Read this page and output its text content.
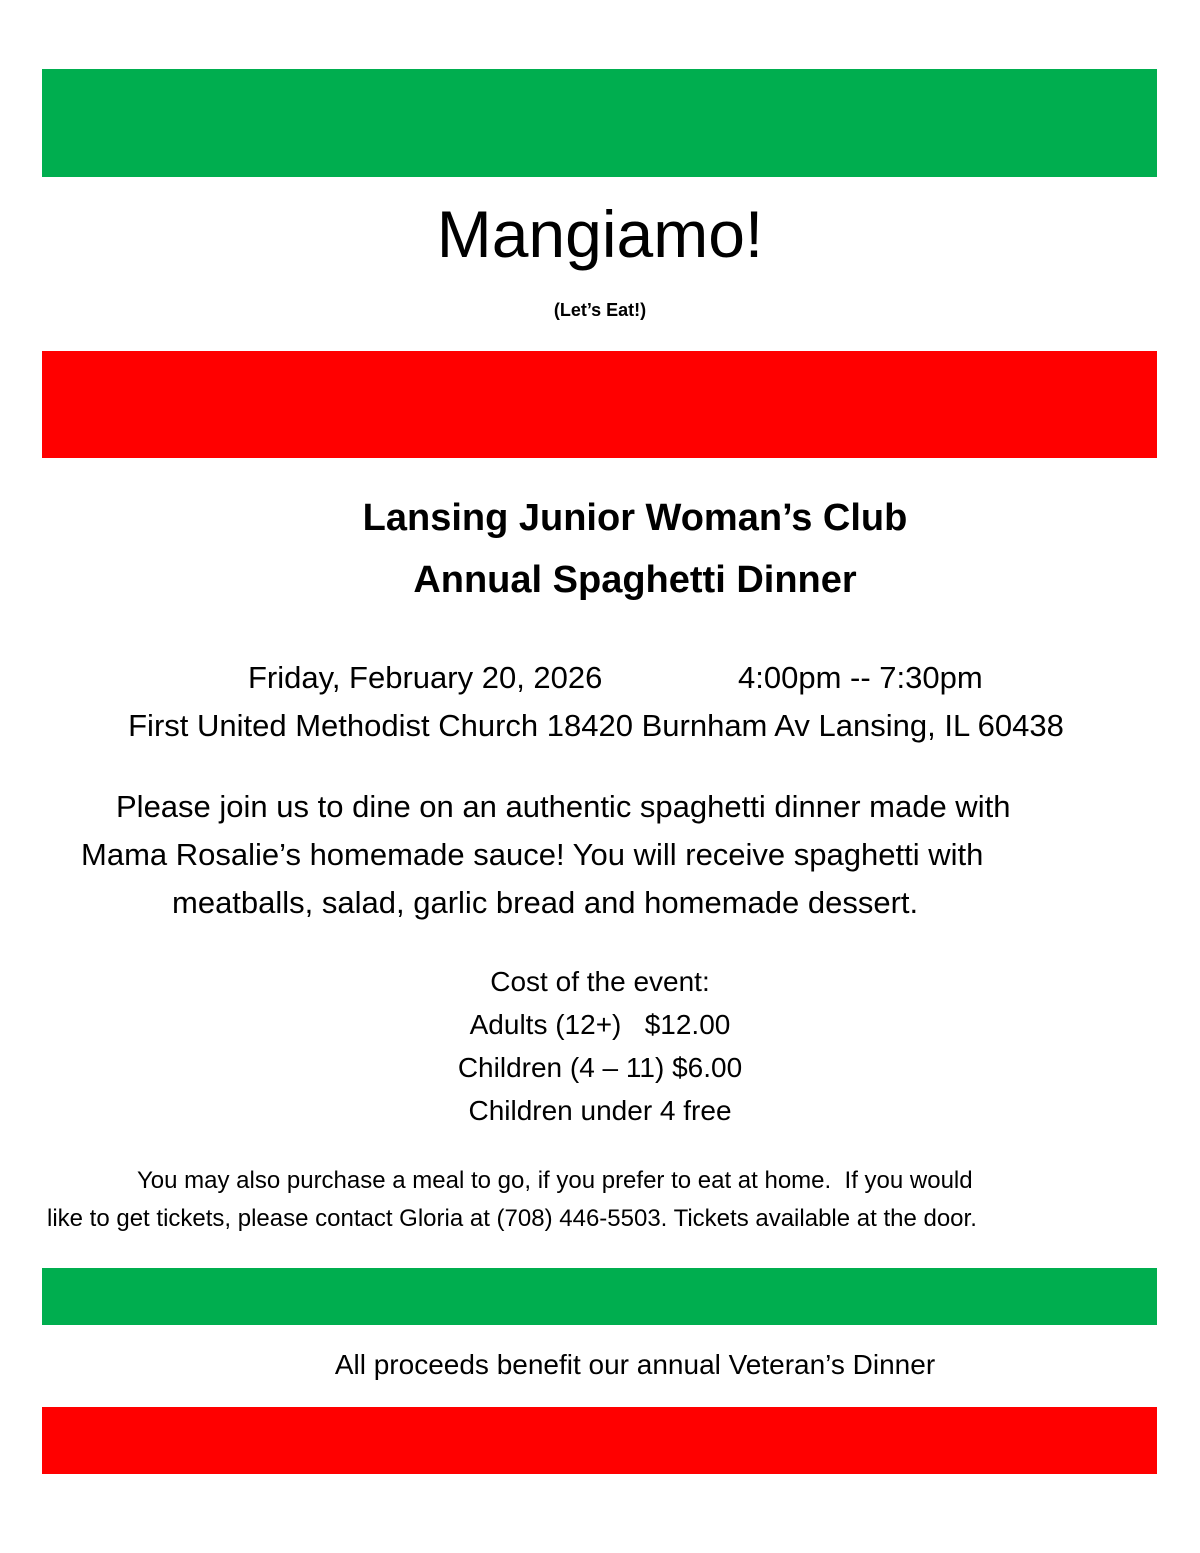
Mangiamo!
(Let’s Eat!)
Lansing Junior Woman’s Club
Annual Spaghetti Dinner
Friday, February 20, 2026	4:00pm -- 7:30pm
First United Methodist Church 18420 Burnham Av Lansing, IL 60438
Please join us to dine on an authentic spaghetti dinner made with
Mama Rosalie’s homemade sauce! You will receive spaghetti with
meatballs, salad, garlic bread and homemade dessert.
Cost of the event:
Adults (12+)   $12.00
Children (4 – 11) $6.00
Children under 4 free
You may also purchase a meal to go, if you prefer to eat at home.  If you would
like to get tickets, please contact Gloria at (708) 446-5503. Tickets available at the door.
All proceeds benefit our annual Veteran’s Dinner
